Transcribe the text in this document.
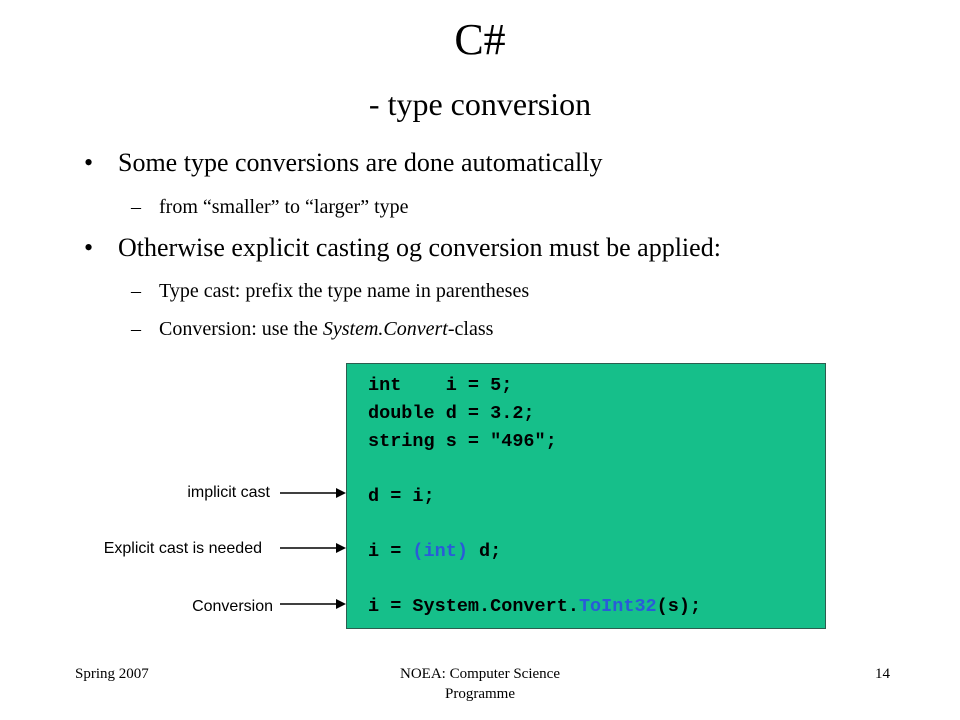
C#
- type conversion
• Some type conversions are done automatically
– from “smaller” to “larger” type
• Otherwise explicit casting og conversion must be applied:
– Type cast: prefix the type name in parentheses
– Conversion: use the System.Convert-class
int    i = 5;
double d = 3.2;
string s = "496";
d = i;
i = (int) d;
i = System.Convert.ToInt32(s);
implicit cast
Explicit cast is needed
Conversion
Spring 2007	NOEA: Computer Science
Programme
14
